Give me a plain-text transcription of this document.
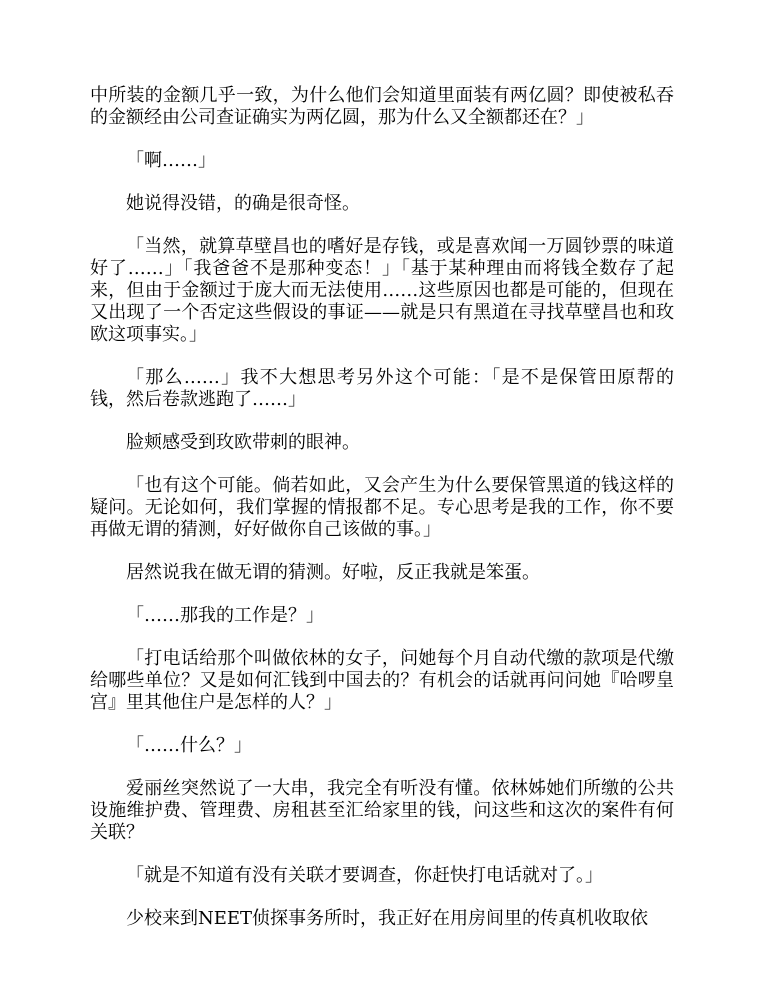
中所装的金额几乎一致，为什么他们会知道里面装有两亿圆？即使被私吞的金额经由公司查证确实为两亿圆，那为什么又全额都还在？」

「啊……」

她说得没错，的确是很奇怪。

「当然，就算草壁昌也的嗜好是存钱，或是喜欢闻一万圆钞票的味道好了……」「我爸爸不是那种变态！」「基于某种理由而将钱全数存了起来，但由于金额过于庞大而无法使用……这些原因也都是可能的，但现在又出现了一个否定这些假设的事证——就是只有黑道在寻找草壁昌也和玫欧这项事实。」

「那么……」我不大想思考另外这个可能：「是不是保管田原帮的钱，然后卷款逃跑了……」

脸颊感受到玫欧带刺的眼神。

「也有这个可能。倘若如此，又会产生为什么要保管黑道的钱这样的疑问。无论如何，我们掌握的情报都不足。专心思考是我的工作，你不要再做无谓的猜测，好好做你自己该做的事。」

居然说我在做无谓的猜测。好啦，反正我就是笨蛋。

「……那我的工作是？」

「打电话给那个叫做依林的女子，问她每个月自动代缴的款项是代缴给哪些单位？又是如何汇钱到中国去的？有机会的话就再问问她『哈啰皇宫』里其他住户是怎样的人？」

「……什么？」

爱丽丝突然说了一大串，我完全有听没有懂。依林姊她们所缴的公共设施维护费、管理费、房租甚至汇给家里的钱，问这些和这次的案件有何关联？

「就是不知道有没有关联才要调查，你赶快打电话就对了。」

少校来到NEET侦探事务所时，我正好在用房间里的传真机收取依
